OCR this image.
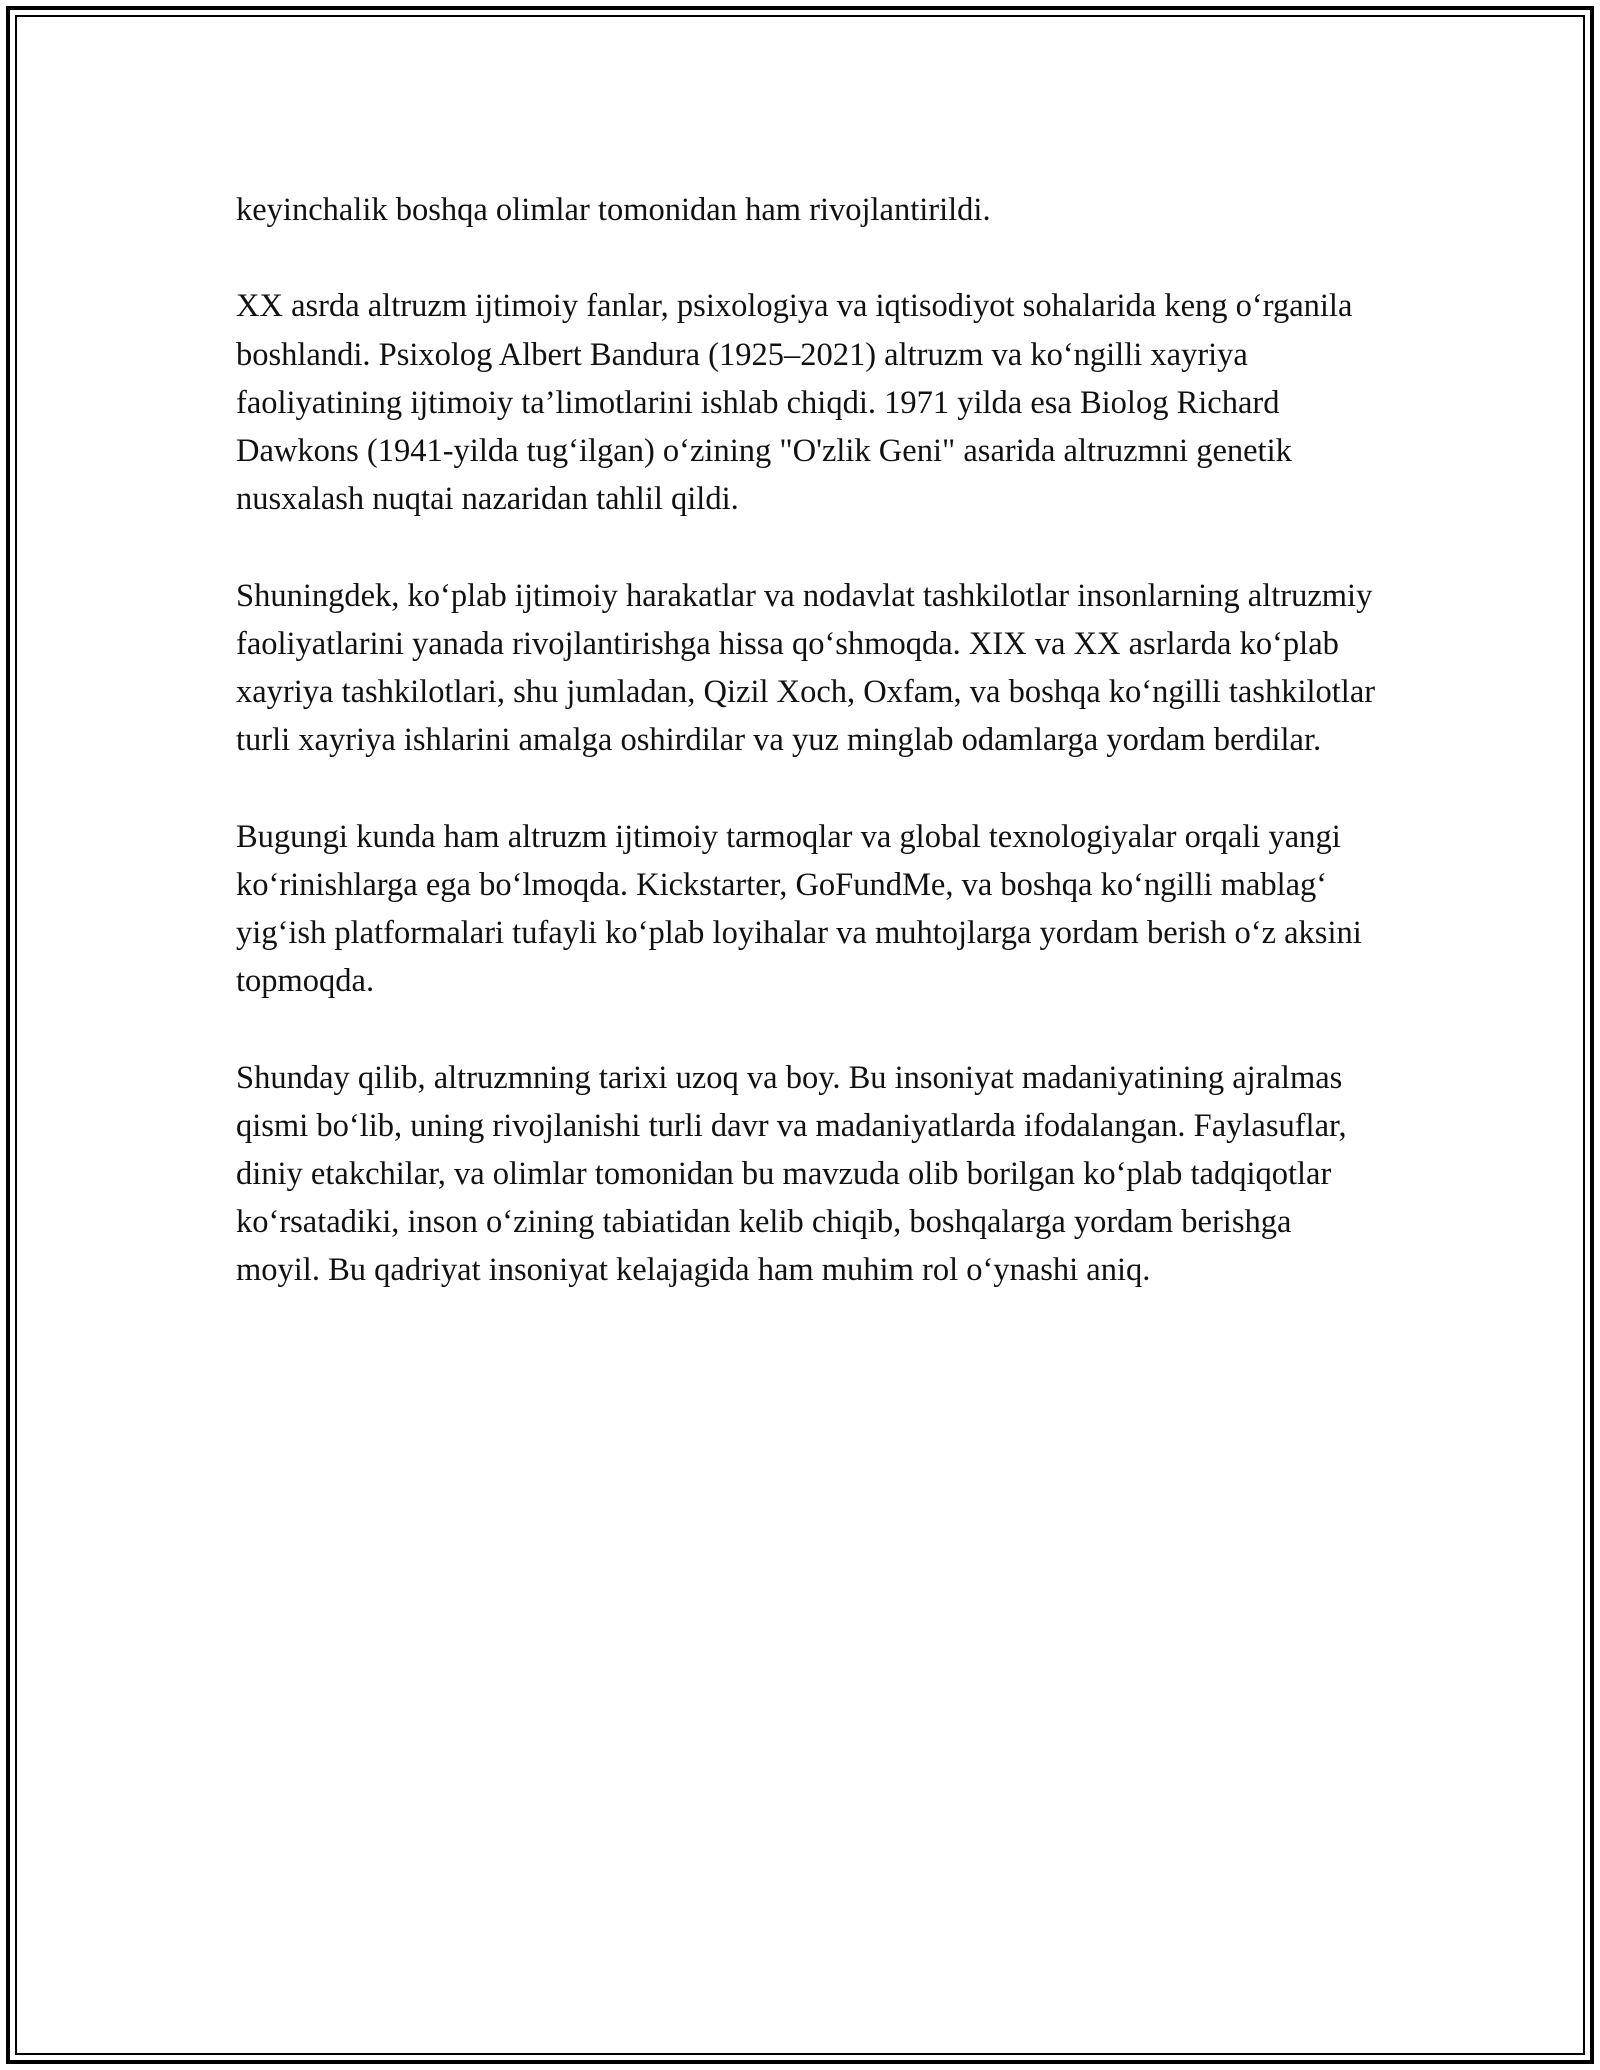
keyinchalik boshqa olimlar tomonidan ham rivojlantirildi.

XX asrda altruzm ijtimoiy fanlar, psixologiya va iqtisodiyot sohalarida keng o‘rganila boshlandi. Psixolog Albert Bandura (1925–2021) altruzm va ko‘ngilli xayriya faoliyatining ijtimoiy ta’limotlarini ishlab chiqdi. 1971 yilda esa Biolog Richard Dawkons (1941-yilda tug‘ilgan) o‘zining "O'zlik Geni" asarida altruzmni genetik nusxalash nuqtai nazaridan tahlil qildi.

Shuningdek, ko‘plab ijtimoiy harakatlar va nodavlat tashkilotlar insonlarning altruzmiy faoliyatlarini yanada rivojlantirishga hissa qo‘shmoqda. XIX va XX asrlarda ko‘plab xayriya tashkilotlari, shu jumladan, Qizil Xoch, Oxfam, va boshqa ko‘ngilli tashkilotlar turli xayriya ishlarini amalga oshirdilar va yuz minglab odamlarga yordam berdilar.

Bugungi kunda ham altruzm ijtimoiy tarmoqlar va global texnologiyalar orqali yangi ko‘rinishlarga ega bo‘lmoqda. Kickstarter, GoFundMe, va boshqa ko‘ngilli mablag‘ yig‘ish platformalari tufayli ko‘plab loyihalar va muhtojlarga yordam berish o‘z aksini topmoqda.

Shunday qilib, altruzmning tarixi uzoq va boy. Bu insoniyat madaniyatining ajralmas qismi bo‘lib, uning rivojlanishi turli davr va madaniyatlarda ifodalangan. Faylasuflar, diniy etakchilar, va olimlar tomonidan bu mavzuda olib borilgan ko‘plab tadqiqotlar ko‘rsatadiki, inson o‘zining tabiatidan kelib chiqib, boshqalarga yordam berishga moyil. Bu qadriyat insoniyat kelajagida ham muhim rol o‘ynashi aniq.
